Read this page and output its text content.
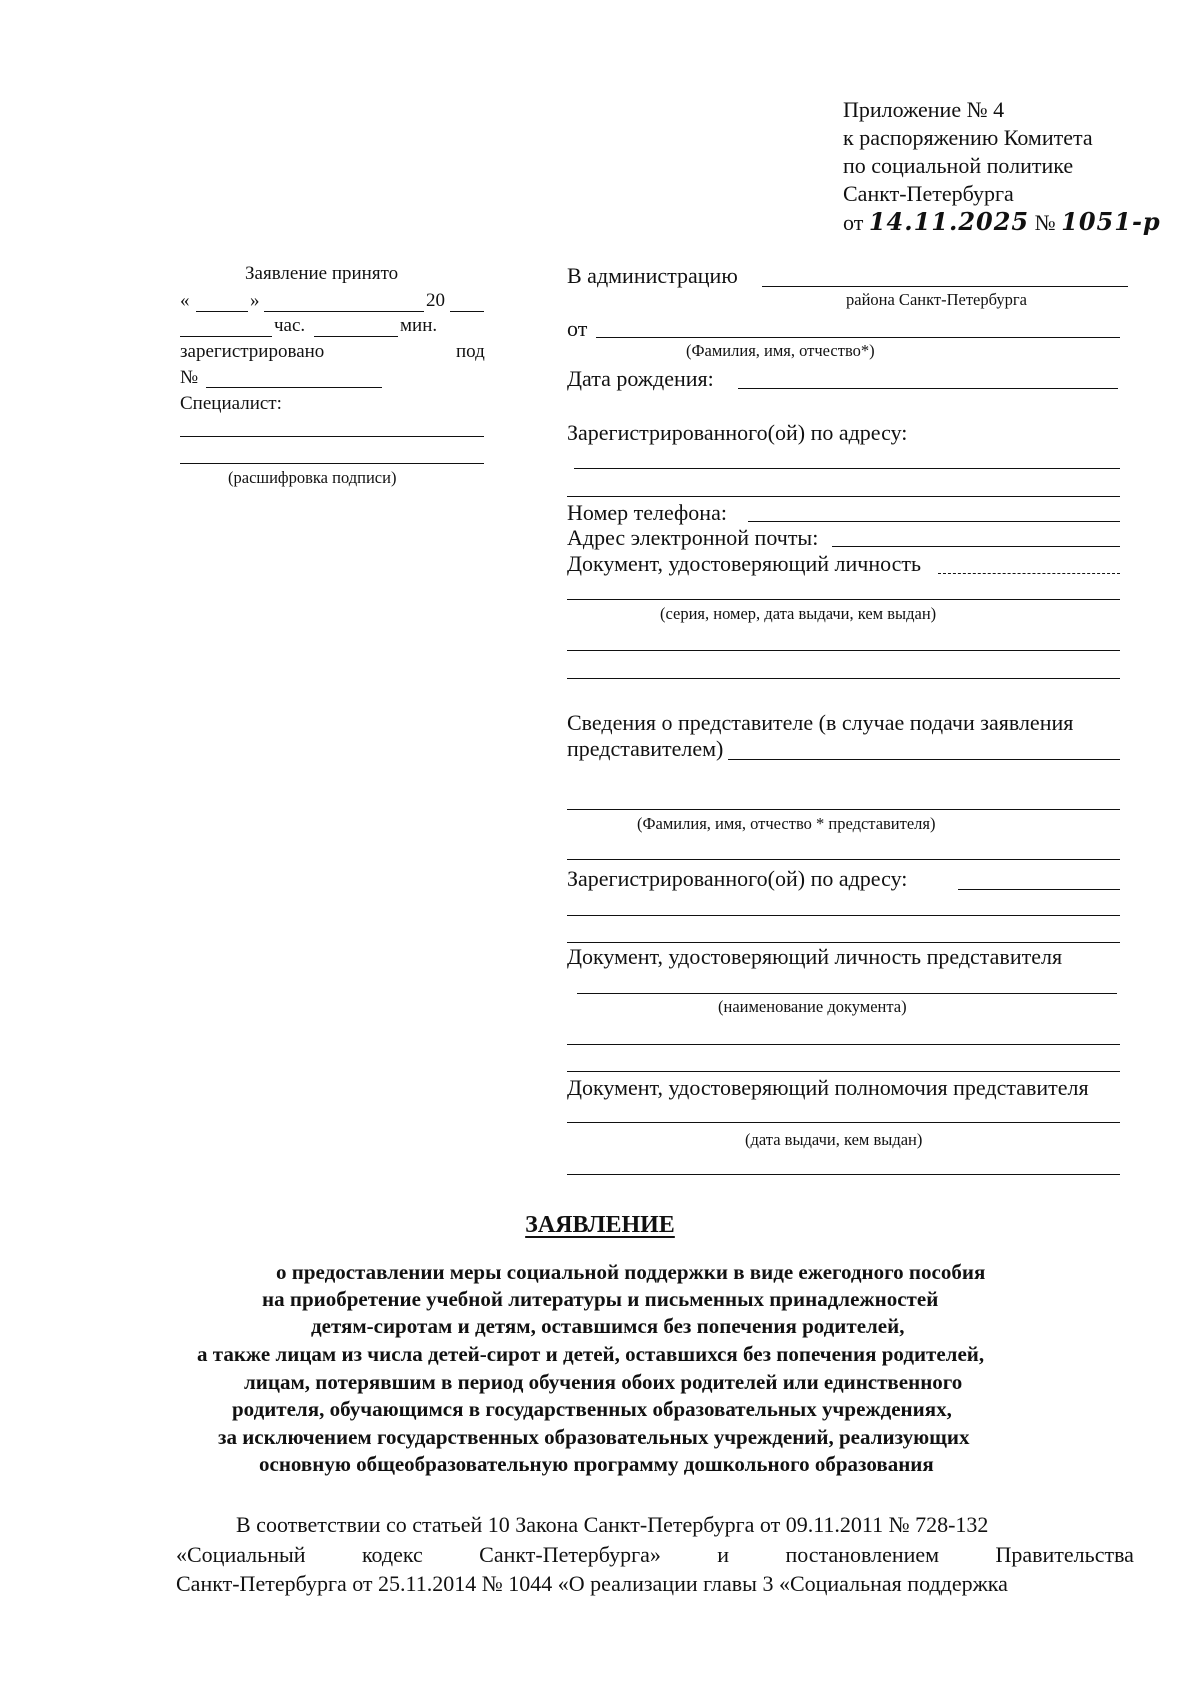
Приложение № 4
к распоряжению Комитета
по социальной политике
Санкт-Петербурга
от 14.11.2025 № 1051-р
Заявление принято
«	»	20
час.	мин.
зарегистрировано	под
№
Специалист:
(расшифровка подписи)
В администрацию
района Санкт-Петербурга
от
(Фамилия, имя, отчество*)
Дата рождения:
Зарегистрированного(ой) по адресу:
Номер телефона:
Адрес электронной почты:
Документ, удостоверяющий личность
(серия, номер, дата выдачи, кем выдан)
Сведения о представителе (в случае подачи заявления
представителем)
(Фамилия, имя, отчество * представителя)
Зарегистрированного(ой) по адресу:
Документ, удостоверяющий личность представителя
(наименование документа)
Документ, удостоверяющий полномочия представителя
(дата выдачи, кем выдан)
ЗАЯВЛЕНИЕ
о предоставлении меры социальной поддержки в виде ежегодного пособия
на приобретение учебной литературы и письменных принадлежностей
детям-сиротам и детям, оставшимся без попечения родителей,
а также лицам из числа детей-сирот и детей, оставшихся без попечения родителей,
лицам, потерявшим в период обучения обоих родителей или единственного
родителя, обучающимся в государственных образовательных учреждениях,
за исключением государственных образовательных учреждений, реализующих
основную общеобразовательную программу дошкольного образования
В соответствии со статьей 10 Закона Санкт-Петербурга от 09.11.2011 № 728-132
«Социальный	кодекс	Санкт-Петербурга»	и	постановлением	Правительства
Санкт-Петербурга от 25.11.2014 № 1044 «О реализации главы 3 «Социальная поддержка
